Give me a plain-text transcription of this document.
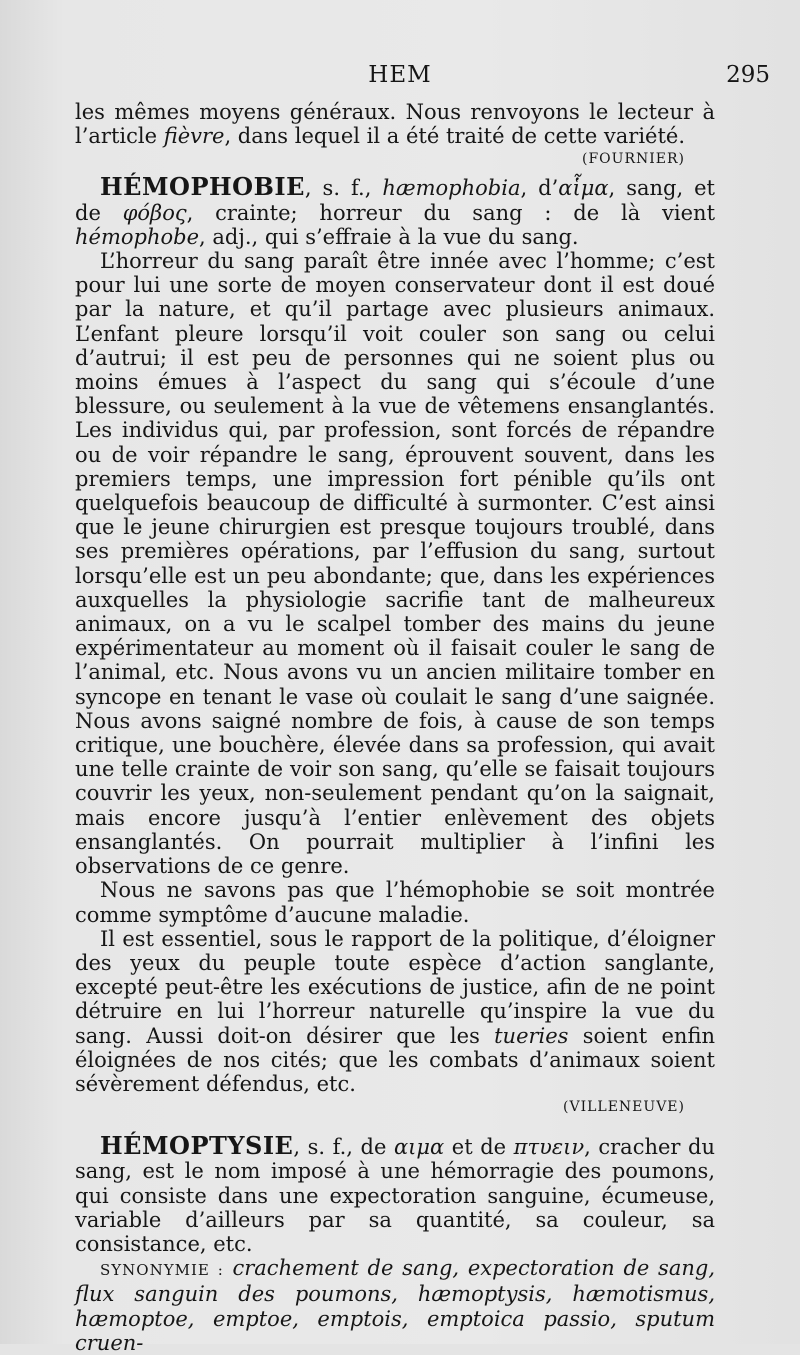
HEM	295

les mêmes moyens généraux. Nous renvoyons le lecteur à l’article fièvre, dans lequel il a été traité de cette variété.

(FOURNIER)

HÉMOPHOBIE, s. f., hæmophobia, d’αἷμα, sang, et de φόβος, crainte; horreur du sang : de là vient hémophobe, adj., qui s’effraie à la vue du sang.

L’horreur du sang paraît être innée avec l’homme; c’est pour lui une sorte de moyen conservateur dont il est doué par la nature, et qu’il partage avec plusieurs animaux. L’enfant pleure lorsqu’il voit couler son sang ou celui d’autrui; il est peu de personnes qui ne soient plus ou moins émues à l’aspect du sang qui s’écoule d’une blessure, ou seulement à la vue de vêtemens ensanglantés. Les individus qui, par profession, sont forcés de répandre ou de voir répandre le sang, éprouvent souvent, dans les premiers temps, une impression fort pénible qu’ils ont quelquefois beaucoup de difficulté à surmonter. C’est ainsi que le jeune chirurgien est presque toujours troublé, dans ses premières opérations, par l’effusion du sang, surtout lorsqu’elle est un peu abondante; que, dans les expériences auxquelles la physiologie sacrifie tant de malheureux animaux, on a vu le scalpel tomber des mains du jeune expérimentateur au moment où il faisait couler le sang de l’animal, etc. Nous avons vu un ancien militaire tomber en syncope en tenant le vase où coulait le sang d’une saignée. Nous avons saigné nombre de fois, à cause de son temps critique, une bouchère, élevée dans sa profession, qui avait une telle crainte de voir son sang, qu’elle se faisait toujours couvrir les yeux, non-seulement pendant qu’on la saignait, mais encore jusqu’à l’entier enlèvement des objets ensanglantés. On pourrait multiplier à l’infini les observations de ce genre.

Nous ne savons pas que l’hémophobie se soit montrée comme symptôme d’aucune maladie.

Il est essentiel, sous le rapport de la politique, d’éloigner des yeux du peuple toute espèce d’action sanglante, excepté peut-être les exécutions de justice, afin de ne point détruire en lui l’horreur naturelle qu’inspire la vue du sang. Aussi doit-on désirer que les tueries soient enfin éloignées de nos cités; que les combats d’animaux soient sévèrement défendus, etc.

(VILLENEUVE)

HÉMOPTYSIE, s. f., de αιμα et de πτυειν, cracher du sang, est le nom imposé à une hémorragie des poumons, qui consiste dans une expectoration sanguine, écumeuse, variable d’ailleurs par sa quantité, sa couleur, sa consistance, etc.

SYNONYMIE : crachement de sang, expectoration de sang, flux sanguin des poumons, hæmoptysis, hæmotismus, hæmoptoe, emptoe, emptois, emptoica passio, sputum cruen-
